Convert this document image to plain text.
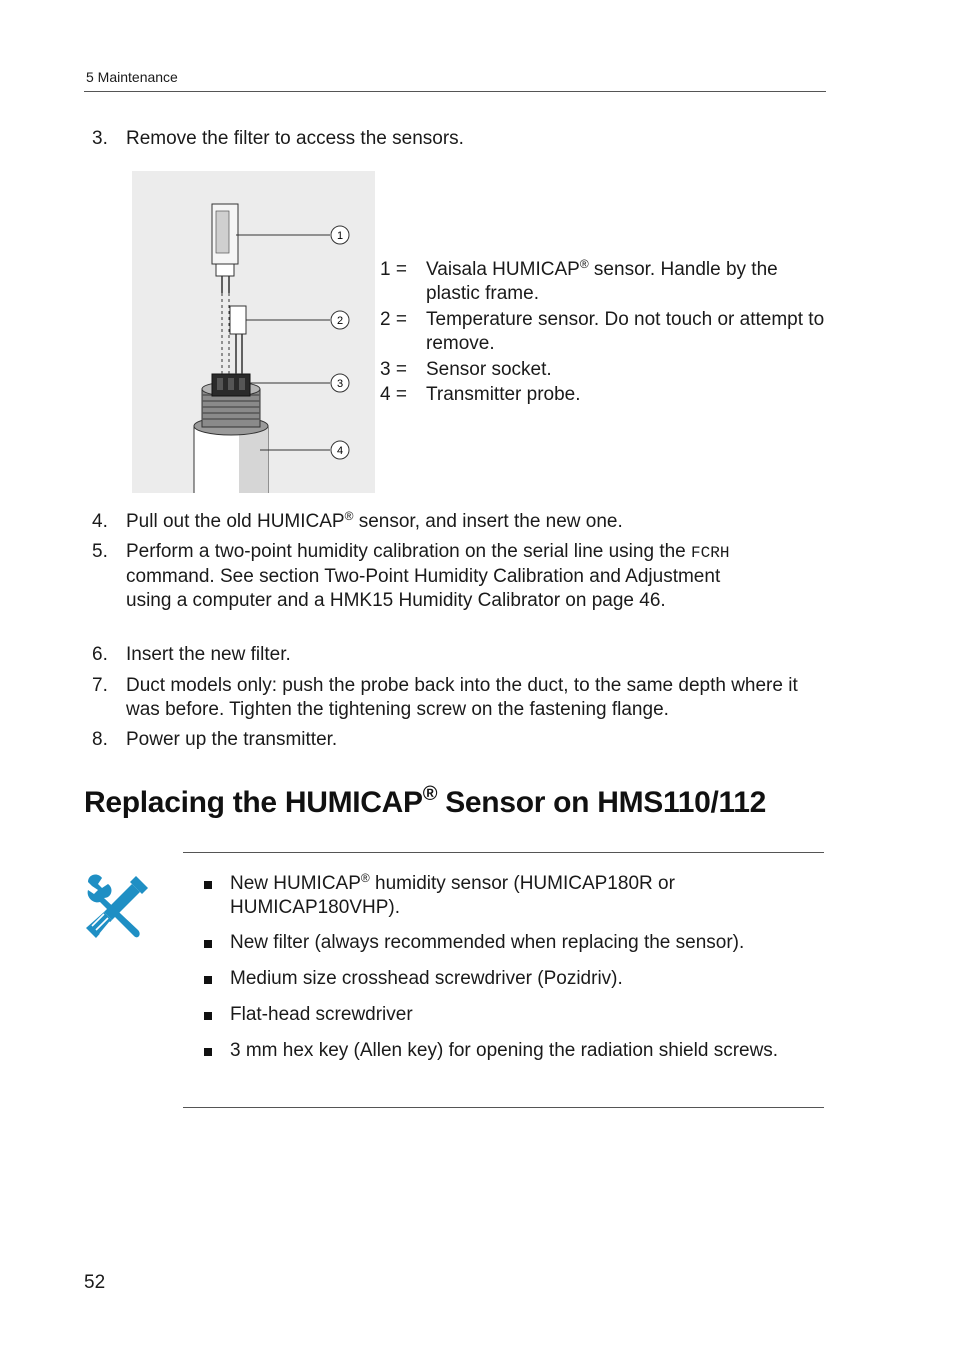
5 Maintenance
3. Remove the filter to access the sensors.
1
2
3
4
1 =	Vaisala HUMICAP® sensor. Handle by the plastic frame.
2 =	Temperature sensor. Do not touch or attempt to remove.
3 =	Sensor socket.
4 =	Transmitter probe.
4. Pull out the old HUMICAP® sensor, and insert the new one.
5. Perform a two-point humidity calibration on the serial line using the FCRH command. See section Two-Point Humidity Calibration and Adjustment using a computer and a HMK15 Humidity Calibrator on page 46.
6. Insert the new filter.
7. Duct models only: push the probe back into the duct, to the same depth where it was before. Tighten the tightening screw on the fastening flange.
8. Power up the transmitter.
Replacing the HUMICAP® Sensor on HMS110/112
New HUMICAP® humidity sensor (HUMICAP180R or HUMICAP180VHP).
New filter (always recommended when replacing the sensor).
Medium size crosshead screwdriver (Pozidriv).
Flat-head screwdriver
3 mm hex key (Allen key) for opening the radiation shield screws.
52
